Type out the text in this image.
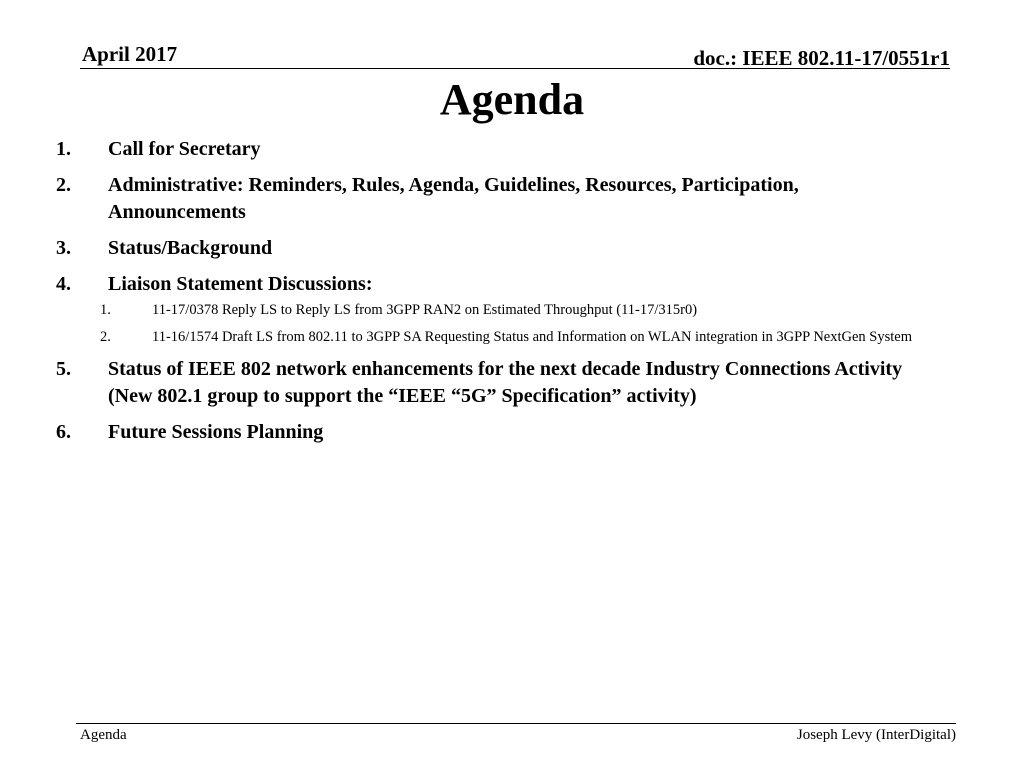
April 2017	doc.: IEEE 802.11-17/0551r1
Agenda
1. Call for Secretary
2. Administrative: Reminders, Rules, Agenda, Guidelines, Resources, Participation, Announcements
3. Status/Background
4. Liaison Statement Discussions:
1.	11-17/0378 Reply LS to Reply LS from 3GPP RAN2 on Estimated Throughput (11-17/315r0)
2.	11-16/1574 Draft LS from 802.11 to 3GPP SA Requesting Status and Information on WLAN integration in 3GPP NextGen System
5. Status of IEEE 802 network enhancements for the next decade Industry Connections Activity (New 802.1 group to support the “IEEE “5G” Specification” activity)
6. Future Sessions Planning
Agenda	Joseph Levy (InterDigital)
